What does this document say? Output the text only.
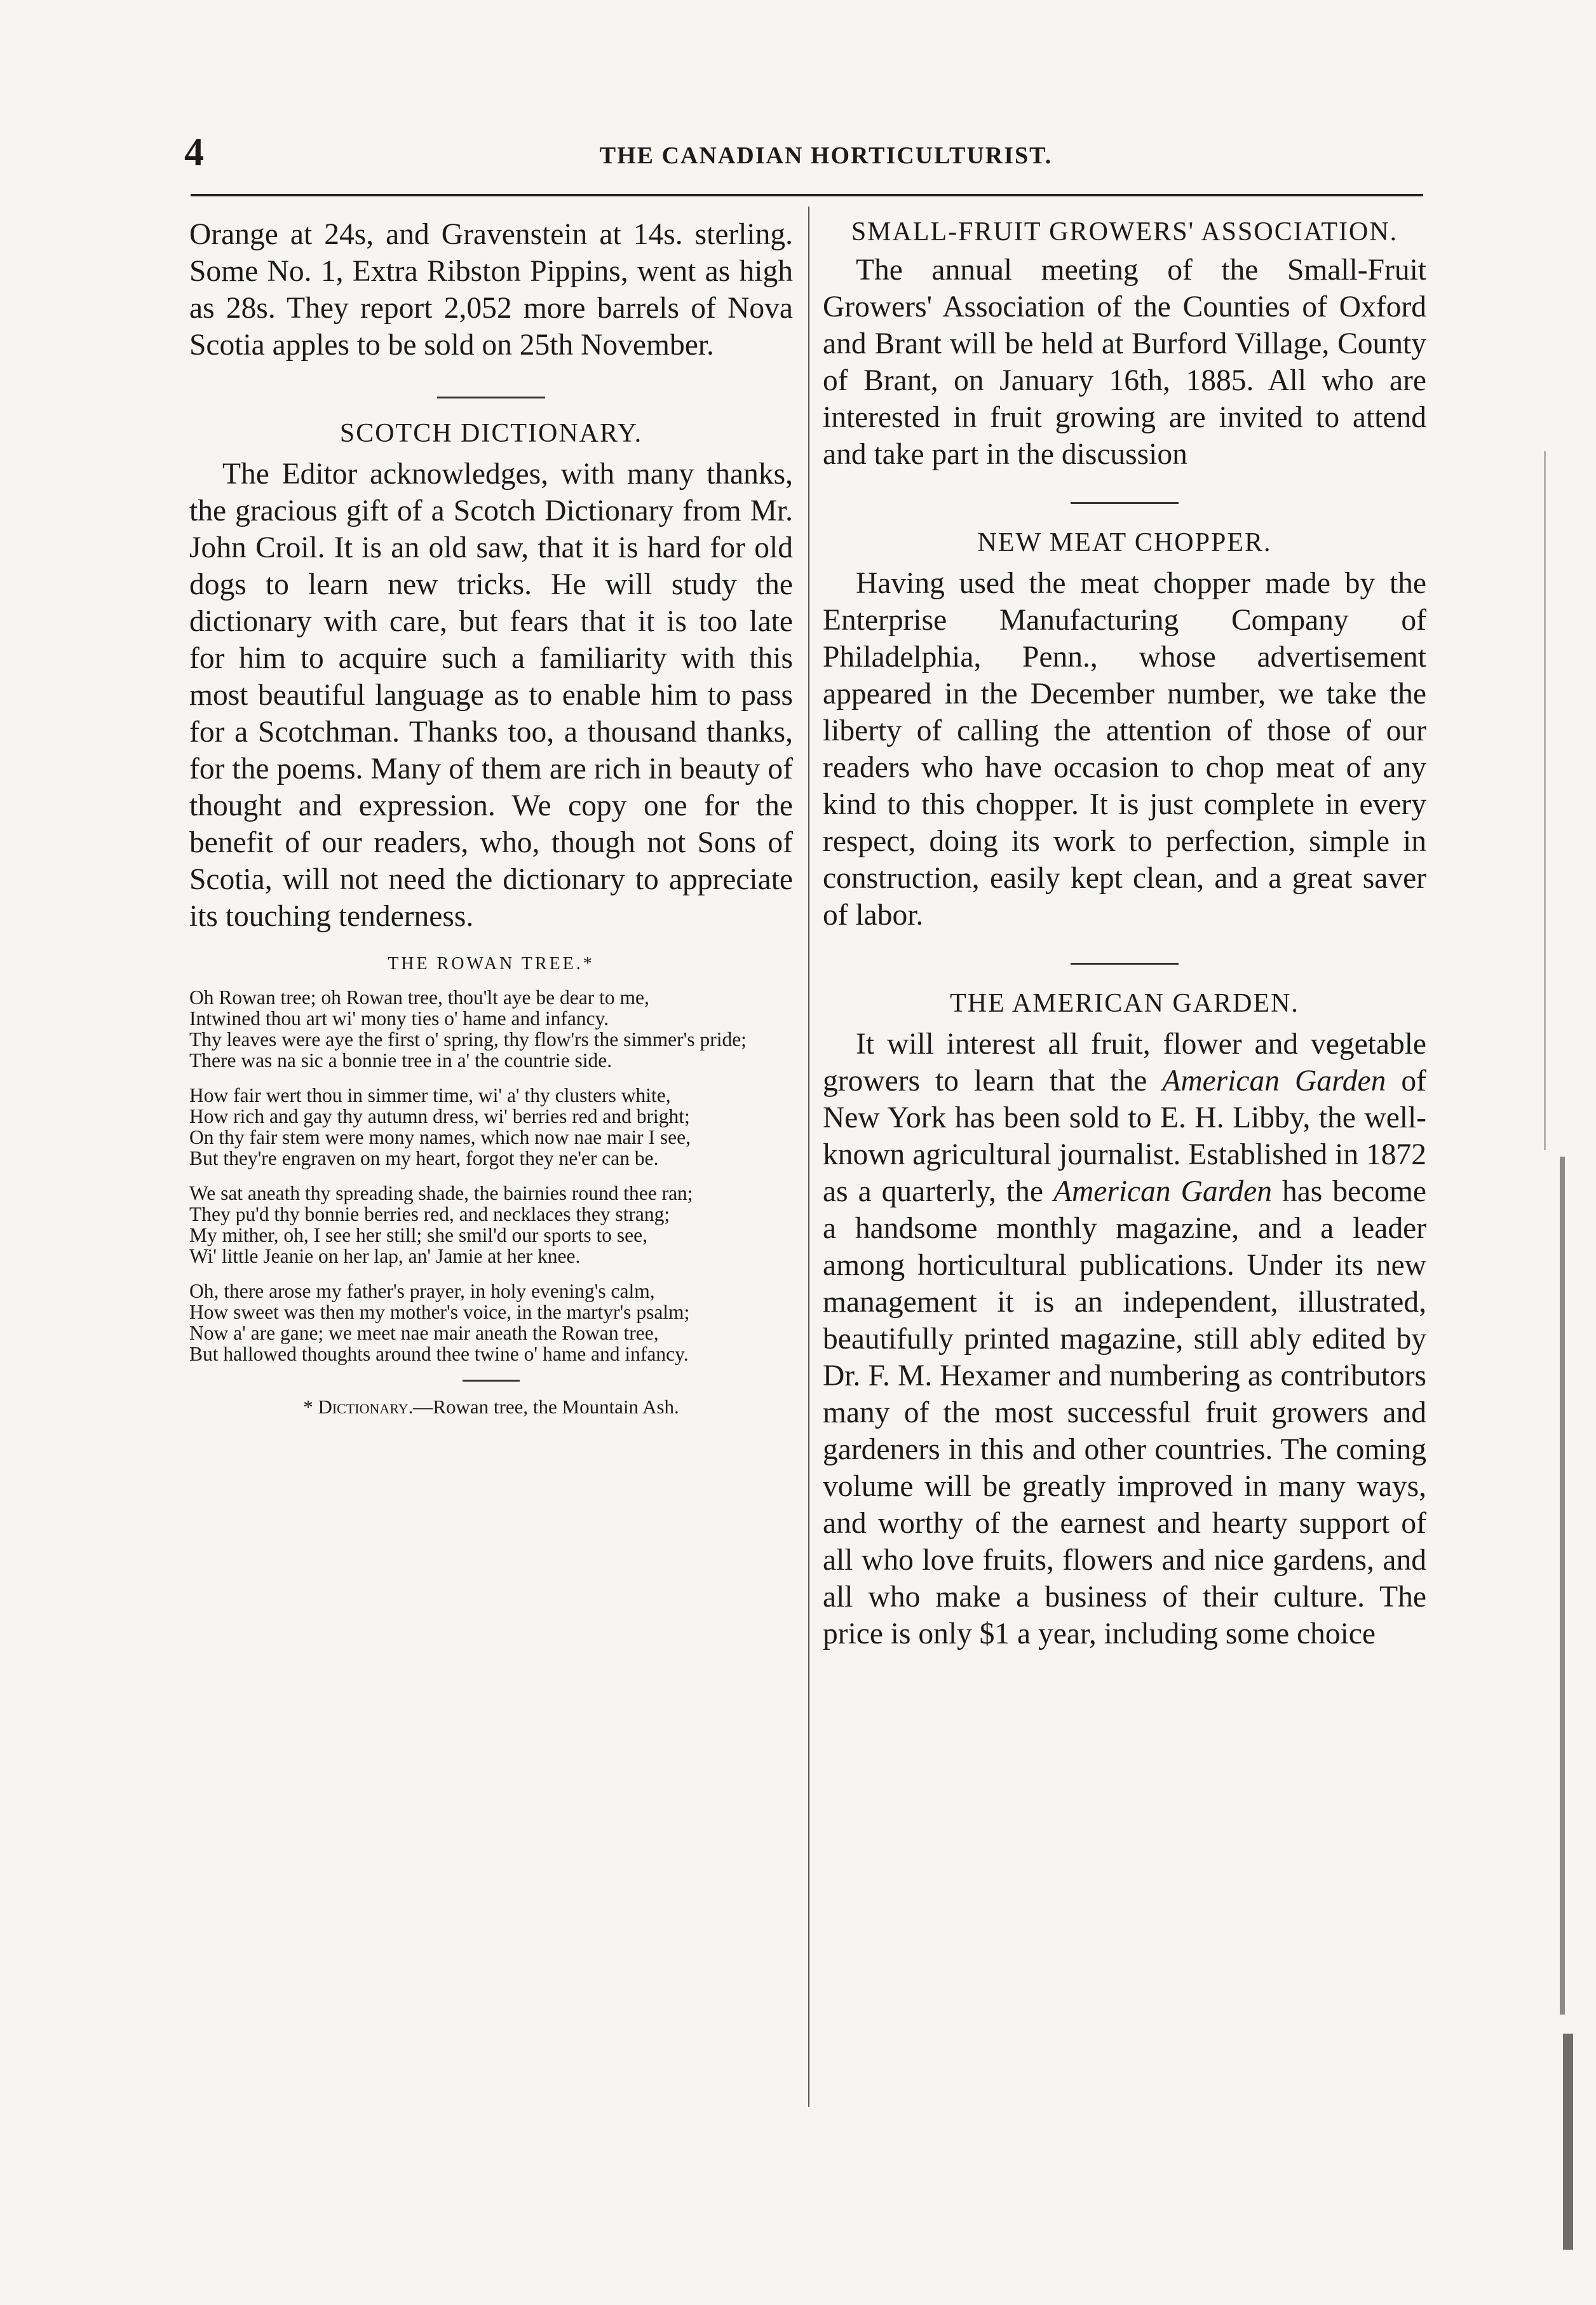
4	THE CANADIAN HORTICULTURIST.

Orange at 24s, and Gravenstein at 14s. sterling. Some No. 1, Extra Ribston Pippins, went as high as 28s. They report 2,052 more barrels of Nova Scotia apples to be sold on 25th November.

SCOTCH DICTIONARY.

The Editor acknowledges, with many thanks, the gracious gift of a Scotch Dictionary from Mr. John Croil. It is an old saw, that it is hard for old dogs to learn new tricks. He will study the dictionary with care, but fears that it is too late for him to acquire such a familiarity with this most beautiful language as to enable him to pass for a Scotchman. Thanks too, a thousand thanks, for the poems. Many of them are rich in beauty of thought and expression. We copy one for the benefit of our readers, who, though not Sons of Scotia, will not need the dictionary to appreciate its touching tenderness.

THE ROWAN TREE.*

Oh Rowan tree; oh Rowan tree, thou'lt aye be dear to me,

Intwined thou art wi' mony ties o' hame and infancy.

Thy leaves were aye the first o' spring, thy flow'rs the simmer's pride;

There was na sic a bonnie tree in a' the countrie side.

How fair wert thou in simmer time, wi' a' thy clusters white,

How rich and gay thy autumn dress, wi' berries red and bright;

On thy fair stem were mony names, which now nae mair I see,

But they're engraven on my heart, forgot they ne'er can be.

We sat aneath thy spreading shade, the bairnies round thee ran;

They pu'd thy bonnie berries red, and necklaces they strang;

My mither, oh, I see her still; she smil'd our sports to see,

Wi' little Jeanie on her lap, an' Jamie at her knee.

Oh, there arose my father's prayer, in holy evening's calm,

How sweet was then my mother's voice, in the martyr's psalm;

Now a' are gane; we meet nae mair aneath the Rowan tree,

But hallowed thoughts around thee twine o' hame and infancy.

* Dictionary.—Rowan tree, the Mountain Ash.

SMALL-FRUIT GROWERS' ASSOCIATION.

The annual meeting of the Small-Fruit Growers' Association of the Counties of Oxford and Brant will be held at Burford Village, County of Brant, on January 16th, 1885. All who are interested in fruit growing are invited to attend and take part in the discussion

NEW MEAT CHOPPER.

Having used the meat chopper made by the Enterprise Manufacturing Company of Philadelphia, Penn., whose advertisement appeared in the December number, we take the liberty of calling the attention of those of our readers who have occasion to chop meat of any kind to this chopper. It is just complete in every respect, doing its work to perfection, simple in construction, easily kept clean, and a great saver of labor.

THE AMERICAN GARDEN.

It will interest all fruit, flower and vegetable growers to learn that the American Garden of New York has been sold to E. H. Libby, the well-known agricultural journalist. Established in 1872 as a quarterly, the American Garden has become a handsome monthly magazine, and a leader among horticultural publications. Under its new management it is an independent, illustrated, beautifully printed magazine, still ably edited by Dr. F. M. Hexamer and numbering as contributors many of the most successful fruit growers and gardeners in this and other countries. The coming volume will be greatly improved in many ways, and worthy of the earnest and hearty support of all who love fruits, flowers and nice gardens, and all who make a business of their culture. The price is only $1 a year, including some choice
